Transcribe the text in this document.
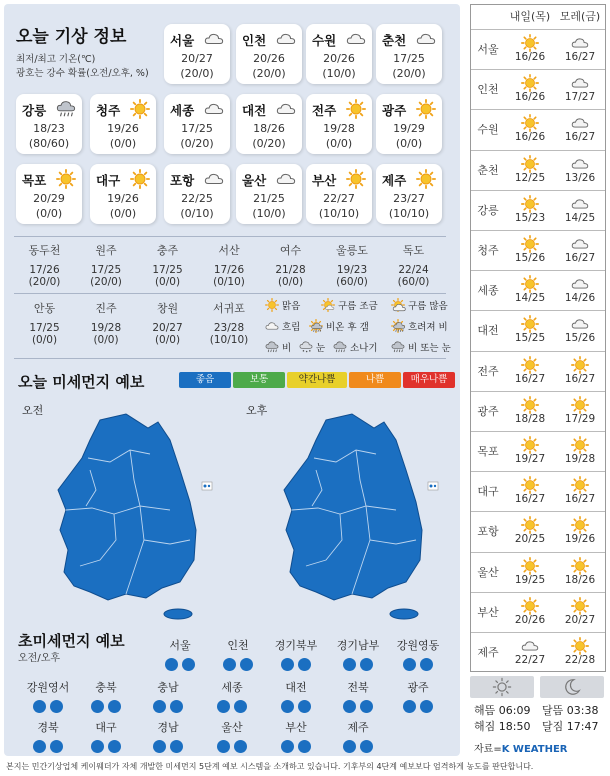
오늘 기상 정보
최저/최고 기온(℃)
광호는 강수 확률(오전/오후, %)
서울
20/27
(20/0)
인천
20/26
(20/0)
수원
20/26
(10/0)
춘천
17/25
(20/0)
강릉
18/23
(80/60)
청주
19/26
(0/0)
세종
17/25
(0/20)
대전
18/26
(0/20)
전주
19/28
(0/0)
광주
19/29
(0/0)
목포
20/29
(0/0)
대구
19/26
(0/0)
포항
22/25
(0/10)
울산
21/25
(10/0)
부산
22/27
(10/10)
제주
23/27
(10/10)
동두천
17/26
(20/0)
원주
17/25
(20/0)
충주
17/25
(0/0)
서산
17/26
(0/10)
여수
21/28
(0/0)
울릉도
19/23
(60/0)
독도
22/24
(60/0)
안동
17/25
(0/0)
진주
19/28
(0/0)
창원
20/27
(0/0)
서귀포
23/28
(10/10)
맑음	구름 조금	구름 많음
흐림	비온 후 갬	흐려져 비
비	눈	소나기	비 또는 눈
오늘 미세먼지 예보	좋음	보통	약간나쁨	나쁨	매우나쁨
오전	오후
초미세먼지 예보
오전/오후
서울	인천	경기북부	경기남부	강원영동
강원영서	충북	충남	세종	대전	전북	광주
경북	대구	경남	울산	부산	제주
내일(목) 모레(금)
서울
16/26	16/27
인천
16/26	17/27
수원
16/26	16/27
춘천
12/25	13/26
강릉
15/23	14/25
청주
15/26	16/27
세종
14/25	14/26
대전
15/25	15/26
전주
16/27	16/27
광주
18/28	17/29
목포
19/27	19/28
대구
16/27	16/27
포항
20/25	19/26
울산
19/25	18/26
부산
20/26	20/27
제주
22/27	22/28
해뜸 06:09
해짐 18:50
달뜸 03:38
달짐 17:47
자료=K WEATHER
본지는 민간기상업체 케이웨더가 자체 개발한 미세먼지 5단계 예보 시스템을 소개하고 있습니다. 기후부의 4단계 예보보다 엄격하게 농도를 판단합니다.
